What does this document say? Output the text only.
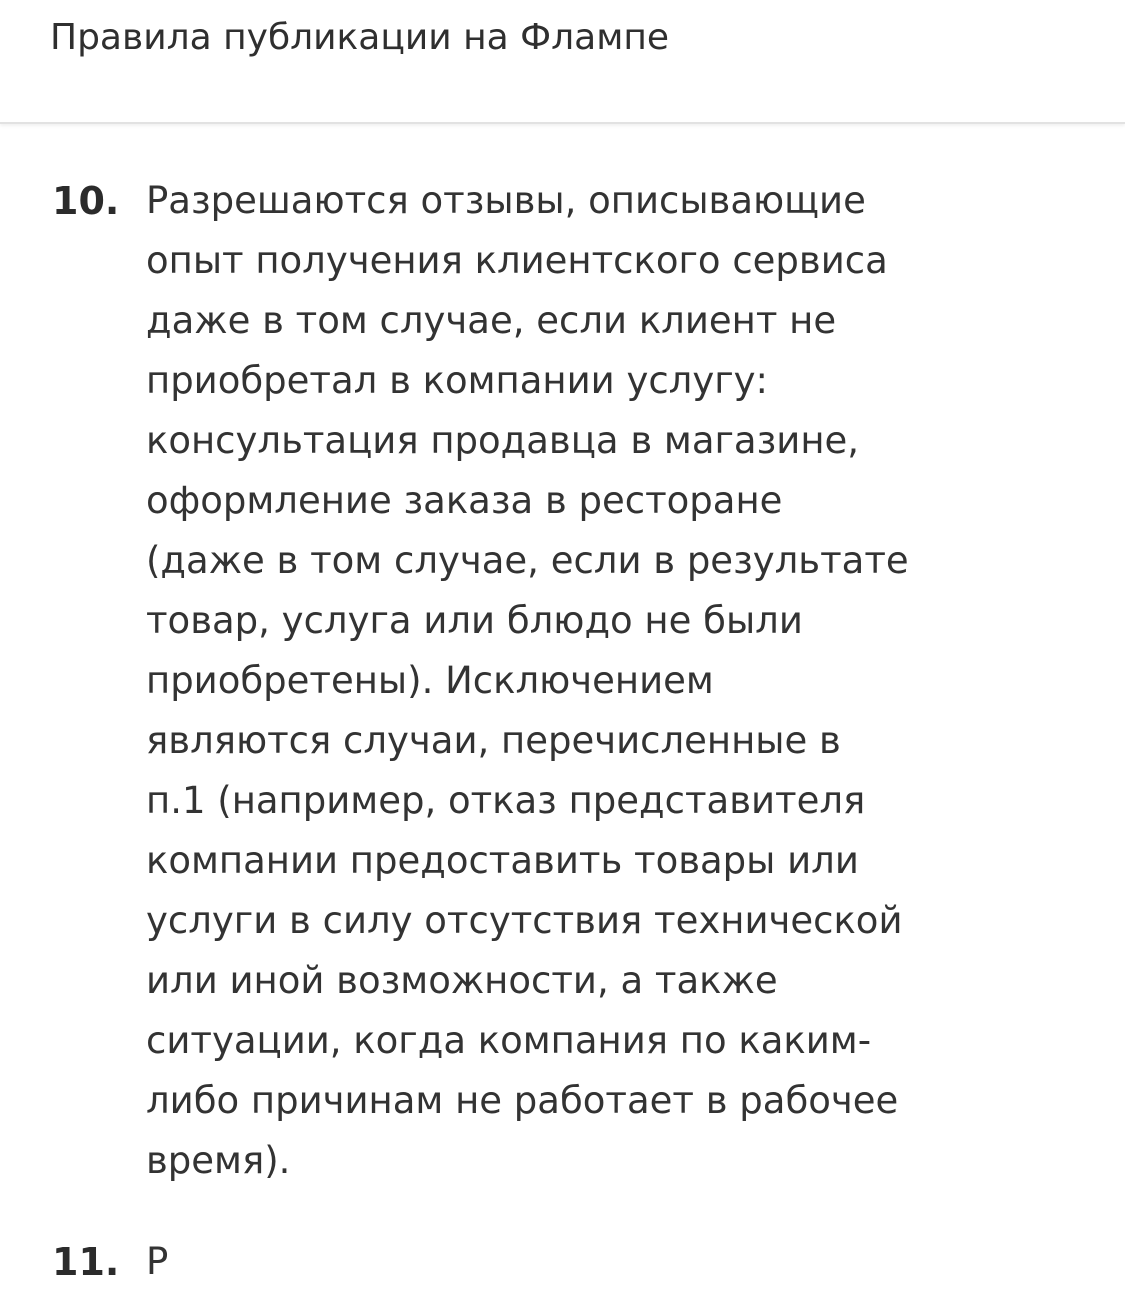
Правила публикации на Флампе
10. Разрешаются отзывы, описывающие
опыт получения клиентского сервиса
даже в том случае, если клиент не
приобретал в компании услугу:
консультация продавца в магазине,
оформление заказа в ресторане
(даже в том случае, если в результате
товар, услуга или блюдо не были
приобретены). Исключением
являются случаи, перечисленные в
п.1 (например, отказ представителя
компании предоставить товары или
услуги в силу отсутствия технической
или иной возможности, а также
ситуации, когда компания по каким-
либо причинам не работает в рабочее
время).

11. Р
